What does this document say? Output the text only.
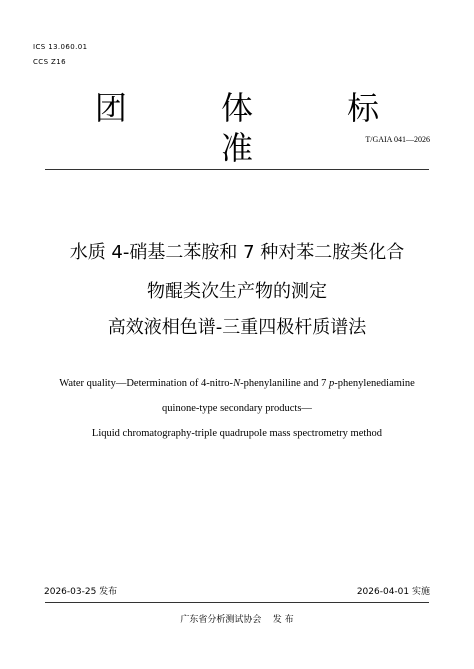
ICS 13.060.01
CCS Z16
团 体 标 准	T/GAIA 041—2026
水质 4-硝基二苯胺和 7 种对苯二胺类化合
物醌类次生产物的测定
高效液相色谱-三重四极杆质谱法
Water quality—Determination of 4-nitro-N-phenylaniline and 7 p-phenylenediamine
quinone-type secondary products—
Liquid chromatography-triple quadrupole mass spectrometry method
2026-03-25 发布	2026-04-01 实施
广东省分析测试协会    发 布
